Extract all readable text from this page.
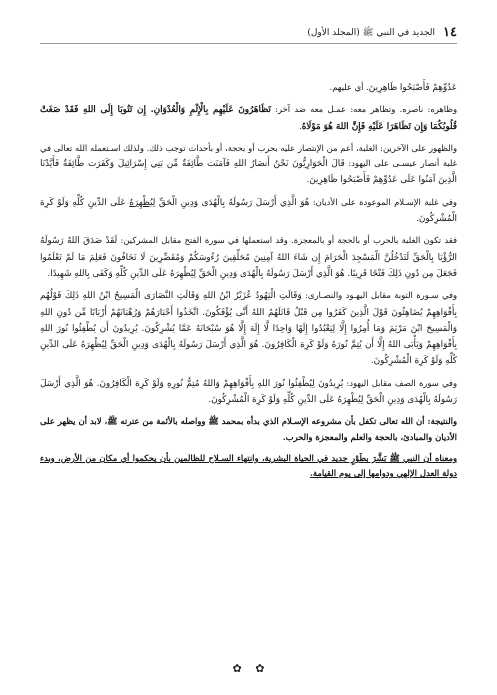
١٤
الجديد في النبي ﷺ (المجلد الأول)

عَدُوِّهِمْ فَأَصْبَحُوا ظَاهِرِينَ. أي عليهم.

وظاهره: ناصره. وتظاهر معه: عمـل معه ضد آخر: تَظَاهَرُونَ عَلَيْهِم بِالْإِثْمِ وَالْعُدْوَانِ. إِن تَتُوبَا إِلَى اللهِ فَقَدْ صَغَتْ قُلُوبُكُمَا وَإِن تَظَاهَرَا عَلَيْهِ فَإِنَّ اللهَ هُوَ مَوْلَاهُ.

والظهور على الآخرين: الغلبة، أعم من الإنتصار عليه بحرب أو بحجة، أو بأحداث توجب ذلك. ولذلك اسـتعمله الله تعالى في غلبة أنصار عيسـى على اليهود: قَالَ الْحَوَارِيُّونَ نَحْنُ أَنصَارُ اللهِ فَآمَنَت طَّائِفَةٌ مِّن بَنِي إِسْرَائِيلَ وَكَفَرَت طَّائِفَةٌ فَأَيَّدْنَا الَّذِينَ آمَنُوا عَلَى عَدُوِّهِمْ فَأَصْبَحُوا ظَاهِرِينَ.

وفي غلبة الإسـلام الموعودة على الأديان: هُوَ الَّذِي أَرْسَلَ رَسُولَهُ بِالْهُدَى وَدِينِ الْحَقِّ لِيُظْهِرَهُ عَلَى الدِّينِ كُلِّهِ وَلَوْ كَرِهَ الْمُشْرِكُونَ.

فقد تكون الغلبة بالحرب أو بالحجة أو بالمعجزة. وقد استعملها في سورة الفتح مقابل المشركين: لَقَدْ صَدَقَ اللهُ رَسُولَهُ الرُّؤْيَا بِالْحَقِّ لَتَدْخُلُنَّ الْمَسْجِدَ الْحَرَامَ إِن شَاءَ اللهُ آمِنِينَ مُحَلِّقِينَ رُءُوسَكُمْ وَمُقَصِّرِينَ لَا تَخَافُونَ فَعَلِمَ مَا لَمْ تَعْلَمُوا فَجَعَلَ مِن دُونِ ذَلِكَ فَتْحًا قَرِيبًا. هُوَ الَّذِي أَرْسَلَ رَسُولَهُ بِالْهُدَى وَدِينِ الْحَقِّ لِيُظْهِرَهُ عَلَى الدِّينِ كُلِّهِ وَكَفَى بِاللهِ شَهِيدًا.

وفي سـورة التوبة مقابل اليهـود والنصـارى: وَقَالَتِ الْيَهُودُ عُزَيْرٌ ابْنُ اللهِ وَقَالَتِ النَّصَارَى الْمَسِيحُ ابْنُ اللهِ ذَلِكَ قَوْلُهُم بِأَفْوَاهِهِمْ يُضَاهِئُونَ قَوْلَ الَّذِينَ كَفَرُوا مِن قَبْلُ قَاتَلَهُمُ اللهُ أَنَّى يُؤْفَكُونَ. اتَّخَذُوا أَحْبَارَهُمْ وَرُهْبَانَهُمْ أَرْبَابًا مِّن دُونِ اللهِ وَالْمَسِيحَ ابْنَ مَرْيَمَ وَمَا أُمِرُوا إِلَّا لِيَعْبُدُوا إِلَهًا وَاحِدًا لَّا إِلَهَ إِلَّا هُوَ سُبْحَانَهُ عَمَّا يُشْرِكُونَ. يُرِيدُونَ أَن يُطْفِئُوا نُورَ اللهِ بِأَفْوَاهِهِمْ وَيَأْبَى اللهُ إِلَّا أَن يُتِمَّ نُورَهُ وَلَوْ كَرِهَ الْكَافِرُونَ. هُوَ الَّذِي أَرْسَلَ رَسُولَهُ بِالْهُدَى وَدِينِ الْحَقِّ لِيُظْهِرَهُ عَلَى الدِّينِ كُلِّهِ وَلَوْ كَرِهَ الْمُشْرِكُونَ.

وفي سورة الصف مقابل اليهود: يُرِيدُونَ لِيُطْفِئُوا نُورَ اللهِ بِأَفْوَاهِهِمْ وَاللهُ مُتِمُّ نُورِهِ وَلَوْ كَرِهَ الْكَافِرُونَ. هُوَ الَّذِي أَرْسَلَ رَسُولَهُ بِالْهُدَى وَدِينِ الْحَقِّ لِيُظْهِرَهُ عَلَى الدِّينِ كُلِّهِ وَلَوْ كَرِهَ الْمُشْرِكُونَ.

والنتيجة: أن الله تعالى تكفل بأن مشروعه الإسـلام الذي بدأه بمحمد ﷺ وواصله بالأئمة من عترته ﷺ، لابد أن يظهر على الأديان والمبادئ، بالحجة والعلم والمعجزة والحرب.

ومعناه أن النبي ﷺ بَشَّرَ بطَوْرٍ جديد في الحياة البشرية، وانتهاء السـلاح للظالمين بأن يحكموا أي مكان من الأرض، وبدء دولة العدل الإلهي ودوامها إلى يوم القيامة.

✿ ✿
